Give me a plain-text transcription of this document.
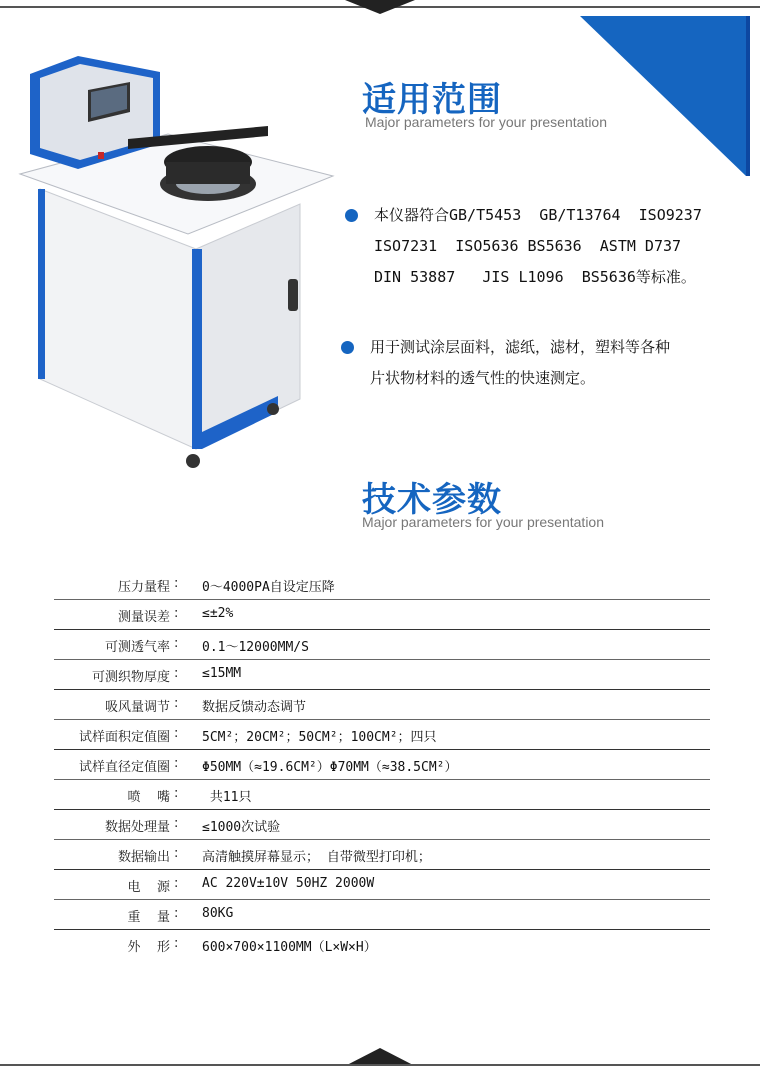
适用范围
Major parameters for your presentation
本仪器符合GB/T5453  GB/T13764  ISO9237
ISO7231  ISO5636 BS5636  ASTM D737
DIN 53887   JIS L1096  BS5636等标准。
用于测试涂层面料，滤纸，滤材，塑料等各种
片状物材料的透气性的快速测定。
技术参数
Major parameters for your presentation
压力量程 : 0～4000PA自设定压降
测量误差 : ≤±2%
可测透气率 : 0.1～12000MM/S
可测织物厚度 : ≤15MM
吸风量调节 : 数据反馈动态调节
试样面积定值圈 : 5CM²；20CM²；50CM²；100CM²；四只
试样直径定值圈 : Φ50MM（≈19.6CM²）Φ70MM（≈38.5CM²）
喷    嘴 : 共11只
数据处理量 : ≤1000次试验
数据输出 : 高清触摸屏幕显示； 自带微型打印机；
电    源 : AC 220V±10V 50HZ 2000W
重    量 : 80KG
外    形 : 600×700×1100MM（L×W×H）
